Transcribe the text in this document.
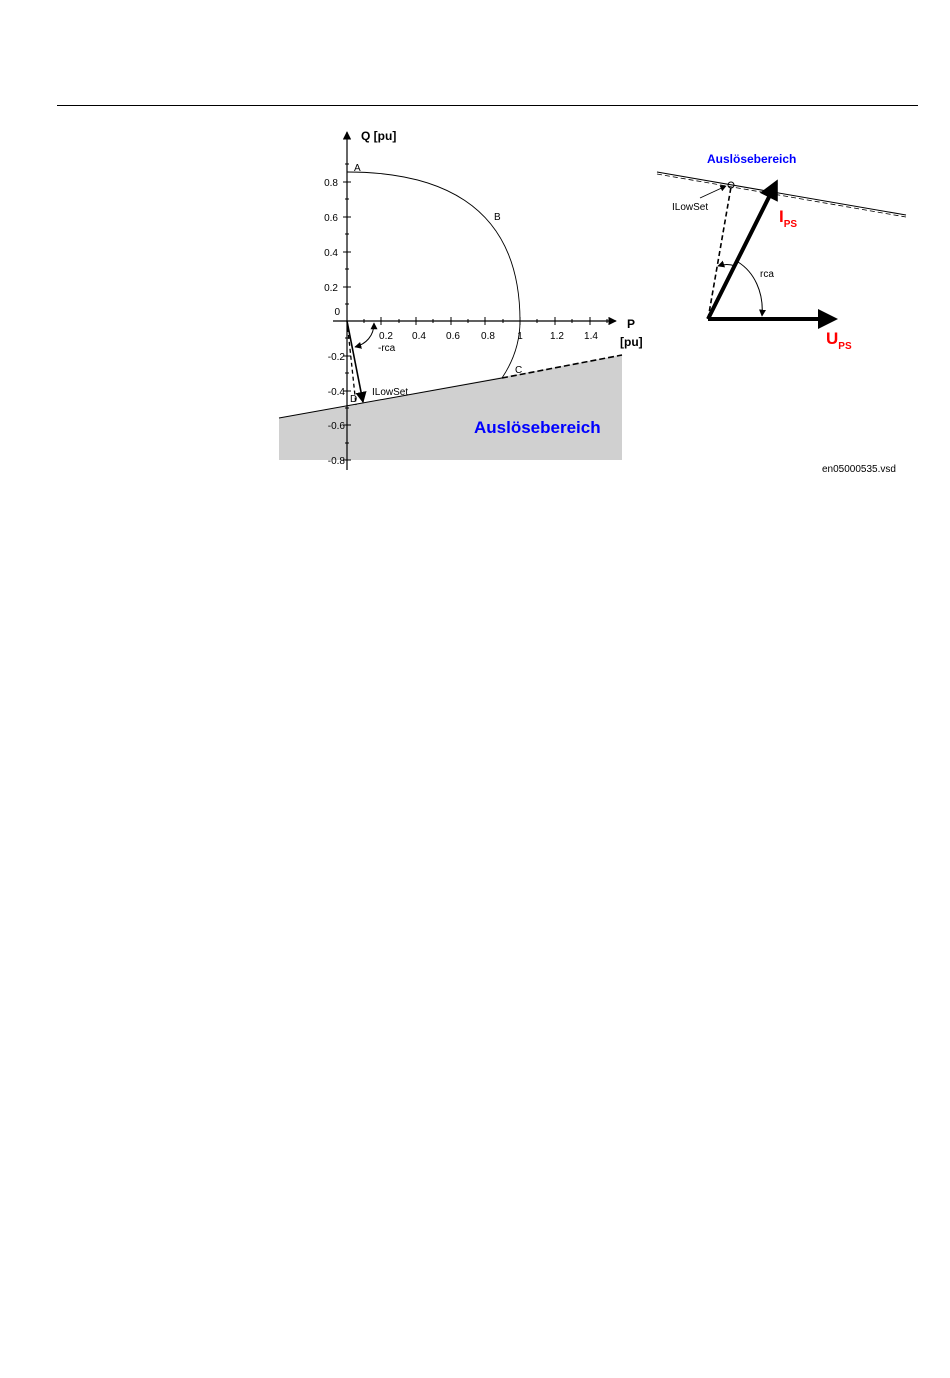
0.8
0.6
0.4
0.2
-0.2
-0.4
-0.6
-0.8
0
0.2 0.4 0.6 0.8 1	1.2 1.4
Q [pu]
P
[pu]
A
B
C
D
-rca
ILowSet
Auslösebereich
Auslösebereich
ILowSet
rca
$I_{PS}$
$U_{PS}$
en05000535.vsd
